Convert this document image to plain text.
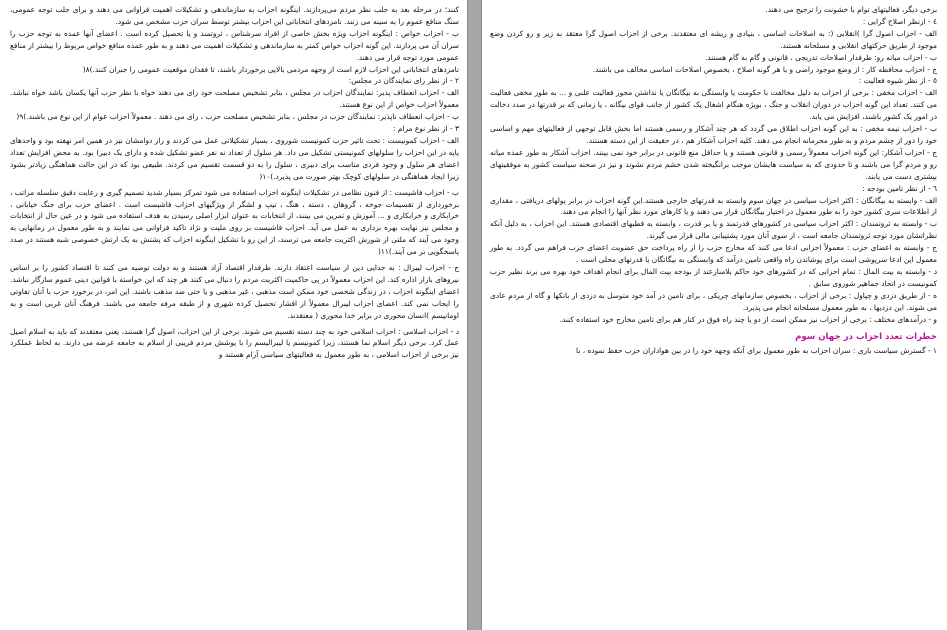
کنند؛ در مرحله بعد به جلب نظر مردم می‌پردازند. اینگونه احزاب به سازماندهی و تشکیلات اهمیت فراوانی می دهند و برای جلب توجه عمومی، سنگ منافع عموم را به سینه می زنند. نامزدهای انتخاباتی این احزاب بیشتر توسط سران حزب مشخص می شود.

ب - احزاب خواص : اینگونه احزاب ویژه بخش خاصی از افراد سرشناس ، ثروتمند و یا تحصیل کرده است . اعضای آنها عمده به توجه حزب را سران آن می پردازند. این گونه احزاب خواص کمتر به سازماندهی و تشکیلات اهمیت می دهند و به طور عمده منافع خواص مربوط را بیشتر از منافع عمومی مورد توجه قرار می دهند.

نامزدهای انتخاباتی این احزاب لازم است از وجهه مردمی بالایی برخوردار باشند، تا فقدان موقعیت عمومی را جبران کنند.)٨(

٢ - از نظر رای نمایندگان در مجلس:

الف - احزاب انعطاف پذیر: نمایندگان احزاب در مجلس ، بنابر تشخیص مصلحت خود رای می دهند خواه با نظر حزب آنها یکسان باشد خواه نباشد. معمولاً احزاب خواص از این نوع هستند.

ب - احزاب انعطاف ناپذیر: نمایندگان حزب در مجلس ، بنابر تشخیص مصلحت حزب ، رای می دهند . معمولاً احزاب عوام از این نوع می باشند.)٩(

٣ - از نظر نوع مرام :

الف - احزاب کمونیست : تحت تاثیر حزب کمونیست شوروی ، بسیار تشکیلاتی عمل می کردند و راز دوامشان نیز در همین امر نهفته بود و واحدهای پایه در این احزاب را سلولهای کمونیستی تشکیل می داد. هر سلول از تعداد نه نفر عضو تشکیل شده و دارای یک دبیر) بود. به محض افزایش تعداد اعضای هر سلول و وجود فردی مناسب برای دبیری ، سلول را به دو قسمت تقسیم می کردند. طبیعی بود که در این حالت هماهنگی زیادتر بشود زیرا ایجاد هماهنگی در سلولهای کوچک بهتر صورت می پذیرد.)١٠(

ب - احزاب فاشیست : از فنون نظامی در تشکیلات اینگونه احزاب استفاده می شود تمرکز بسیار شدید تصمیم گیری و رعایت دقیق سلسله مراتب ، برخورداری از تقسیمات جوخه ، گروهان ، دسته ، هنگ ، تیپ و لشگر از ویژگیهای احزاب فاشیست است . اعضای حزب برای جنگ خیابانی ، خرابکاری و خرابکاری و ... آموزش و تمرین می بینند، از انتخابات به عنوان ابزار اصلی رسیدن به هدف استفاده می شود و در عین حال از انتخابات و مجلس نیز نهایت بهره برداری به عمل می آید. احزاب فاشیست بر روی ملیت و نژاد تاکید فراوانی می نمایند و به طور معمول در زمانهایی به وجود می آیند که ملتی از شورش اکثریت جامعه می ترسند، از این رو با تشکیل اینگونه احزاب که پشتش به یک ارتش خصوصی شبه هستند در صدد پاسخگویی بر می آیند.)١١(

ج - احزاب لیبرال : به جدایی دین از سیاست اعتقاد دارند. طرفدار اقتصاد آزاد هستند و به دولت توصیه می کنند تا اقتصاد کشور را بر اساس نیروهای بازار اداره کند. این احزاب معمولاً در پی حاکمیت اکثریت مردم را دنبال می کنند هر چند که این خواسته با قوانین دینی عموم سازگار نباشد. اعضای اینگونه احزاب ، در زندگی شخصی خود ممکن است مذهبی ، غیر مذهبی و یا حتی ضد مذهب باشند. این امر، در برخورد حزب با آنان تفاوتی را ایجاب نمی کند. اعضای احزاب لیبرال معمولاً از اقشار تحصیل کرده شهری و از طبقه مرفه جامعه می باشند. فرهنگ آنان غربی است و به اومانیسم )انسان محوری در برابر خدا محوری ( معتقدند.

د - احزاب اسلامی : احزاب اسلامی خود به چند دسته تقسیم می شوند. برخی از این احزاب، اصول گرا هستند، یعنی معتقدند که باید به اسلام اصیل عمل کرد. برخی دیگر اسلام نما هستند، زیرا کمونیسم یا لیبرالیسم را با پوشش مردم فریبی از اسلام به جامعه عرضه می دارند. به لحاظ عملکرد نیز برخی از احزاب اسلامی ، به طور معمول به فعالیتهای سیاسی آرام هستند و

برخی دیگر، فعالیتهای توام با خشونت را ترجیح می دهند.

٤ - ازنظر اصلاح گرایی :

الف - احزاب اصول گرا )انقلابی (: به اصلاحات اساسی ، بنیادی و ریشه ای معتقدند. برخی از احزاب اصول گرا معتقد به زیر و رو کردن وضع موجود از طریق حرکتهای انقلابی و مسلحانه هستند.

ب - احزاب میانه رو: طرفدار اصلاحات تدریجی ، قانونی و گام به گام هستند.

ج - احزاب محافظه کار : از وضع موجود راضی و با هر گونه اصلاح ، بخصوص اصلاحات اساسی مخالف می باشند.

٥ - از نظر شیوه فعالیت :

الف - احزاب مخفی : برخی از احزاب به دلیل مخالفت با حکومت یا وابستگی به بیگانگان یا نداشتن مجوز فعالیت علنی و ... به طور مخفی فعالیت می کنند. تعداد این گونه احزاب در دوران انقلاب و جنگ ، بویژه هنگام اشغال یک کشور از جانب قوای بیگانه ، یا زمانی که بر قدرتها در صدد دخالت در امور یک کشور باشند، افزایش می یابد.

ب - احزاب نیمه مخفی : به این گونه احزاب اطلاق می گردد که هر چند آشکار و رسمی هستند اما بخش قابل توجهی از فعالیتهای مهم و اساسی خود را دور از چشم مردم و به طور محرمانه انجام می دهند. کلیه احزاب آشکار هم ، در حقیقت از این دسته هستند.

ج - احزاب آشکار: این گونه احزاب معمولاً رسمی و قانونی هستند و یا حداقل منع قانونی در برابر خود نمی بینند. احزاب آشکار به طور عمده میانه رو و مردم گرا می باشند و تا حدودی که به سیاست هایشان موجب برانگیخته شدن خشم مردم نشوند و نیز در صحنه سیاست کشور به موفقیتهای بیشتری دست می یابند.

٦ - از نظر تامین بودجه :

الف - وابسته به بیگانگان : اکثر احزاب سیاسی در جهان سوم وابسته به قدرتهای خارجی هستند.این گونه احزاب در برابر پولهای دریافتی ، مقداری از اطلاعات سری کشور خود را به طور معمول در اختیار بیگانگان قرار می دهند و یا کارهای مورد نظر آنها را انجام می دهند.

ب - وابسته به ثروتمندان : اکثر احزاب سیاسی در کشورهای قدرتمند و یا بر قدرت ، وابسته به قطبهای اقتصادی هستند. این احزاب ، به دلیل آنکه نظراتشان مورد توجه ثروتمندان جامعه است ، از سوی آنان مورد پشتیبانی مالی قرار می گیرند.

ج - وابسته به اعضای حزب : معمولاً احزابی ادعا می کنند که مخارج حزب را از راه پرداخت حق عضویت اعضای حزب فراهم می گردد. به طور معمول این ادعا سرپوشی است برای پوشاندن راه واقعی تامین درآمد که وابستگی به بیگانگان یا قدرتهای محلی است .

د - وابسته به بیت المال : تمام احزابی که در کشورهای خود حاکم بلامنازعند از بودجه بیت المال برای انجام اهداف خود بهره می برند نظیر حزب کمونیست در اتحاد جماهیر شوروی سابق .

ه - از طریق دزدی و چپاول : برخی از احزاب ، بخصوص سازمانهای چریکی ، برای تامین در آمد خود متوسل به دزدی از بانکها و گاه از مردم عادی می شوند. این دزدیها ، به طور معمول مسلحانه انجام می پذیرد.

و - درآمدهای مختلف : برخی از احزاب نیز ممکن است از دو یا چند راه فوق در کنار هم برای تامین مخارج خود استفاده کنند.

خطرات تعدد احزاب در جهان سوم

١ - گسترش سیاست بازی : سران احزاب به طور معمول برای آنکه وجهه خود را در بین هواداران حزب حفظ نموده ، با
